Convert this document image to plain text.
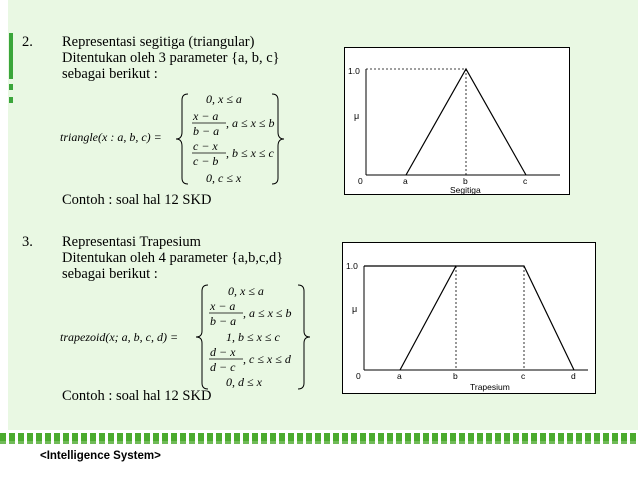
2. Representasi segitiga (triangular)
Ditentukan oleh 3 parameter {a, b, c}
sebagai berikut :
triangle(x : a, b, c) =
0, x ≤ a
x − a
b − a
, a ≤ x ≤ b
c − x
c − b
, b ≤ x ≤ c
0, c ≤ x
Contoh : soal hal 12 SKD
1.0
μ
0	a	b	c
Segitiga
3. Representasi Trapesium
Ditentukan oleh 4 parameter {a,b,c,d}
sebagai berikut :
trapezoid(x; a, b, c, d) =
0, x ≤ a
x − a
b − a
, a ≤ x ≤ b
1, b ≤ x ≤ c
d − x
d − c
, c ≤ x ≤ d
0, d ≤ x
Contoh : soal hal 12 SKD
1.0
μ
0	a	b	c	d
Trapesium
<Intelligence System>
